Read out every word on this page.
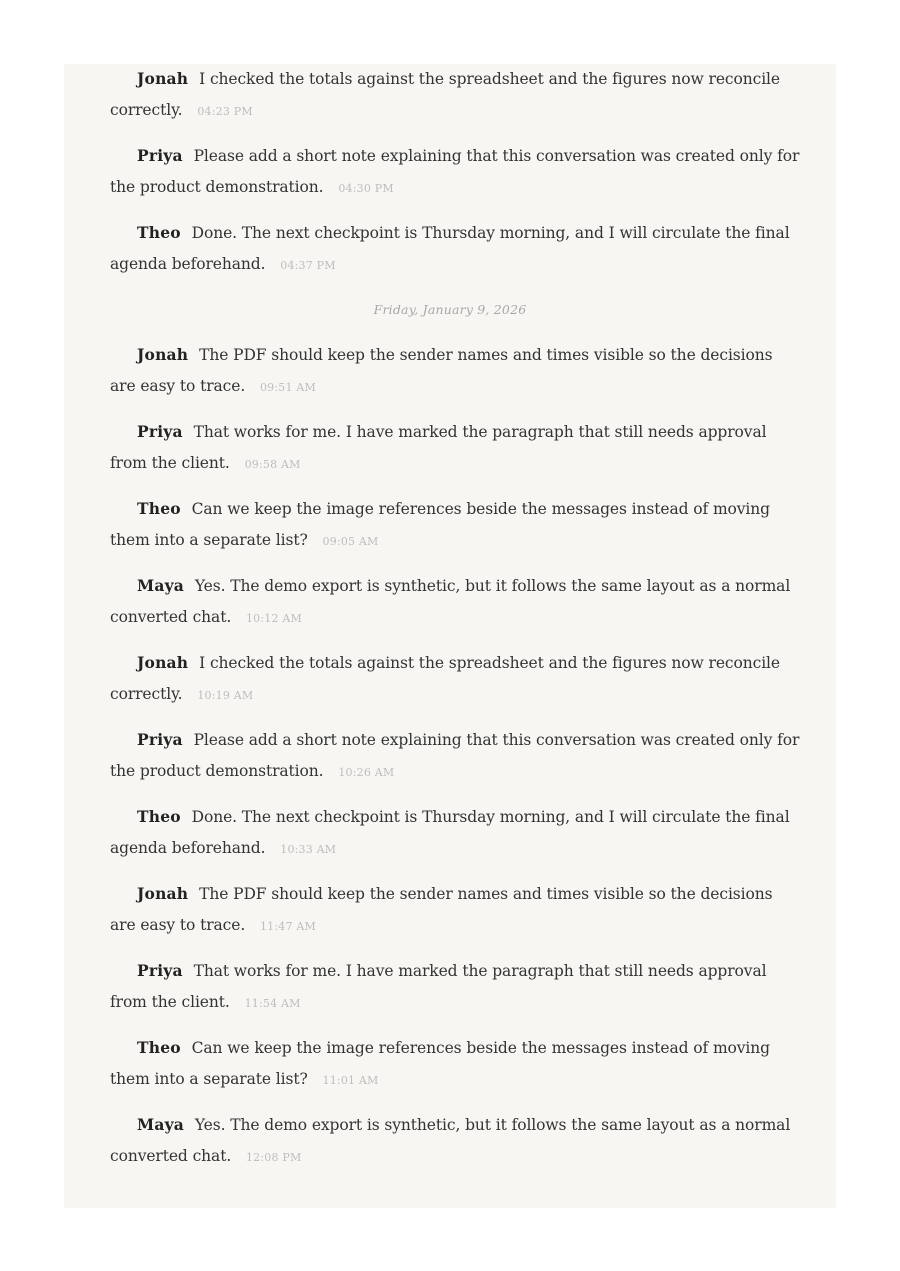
Jonah I checked the totals against the spreadsheet and the figures now reconcile correctly. 04:23 PM
Priya Please add a short note explaining that this conversation was created only for the product demonstration. 04:30 PM
Theo Done. The next checkpoint is Thursday morning, and I will circulate the final agenda beforehand. 04:37 PM
Friday, January 9, 2026
Jonah The PDF should keep the sender names and times visible so the decisions are easy to trace. 09:51 AM
Priya That works for me. I have marked the paragraph that still needs approval from the client. 09:58 AM
Theo Can we keep the image references beside the messages instead of moving them into a separate list? 09:05 AM
Maya Yes. The demo export is synthetic, but it follows the same layout as a normal converted chat. 10:12 AM
Jonah I checked the totals against the spreadsheet and the figures now reconcile correctly. 10:19 AM
Priya Please add a short note explaining that this conversation was created only for the product demonstration. 10:26 AM
Theo Done. The next checkpoint is Thursday morning, and I will circulate the final agenda beforehand. 10:33 AM
Jonah The PDF should keep the sender names and times visible so the decisions are easy to trace. 11:47 AM
Priya That works for me. I have marked the paragraph that still needs approval from the client. 11:54 AM
Theo Can we keep the image references beside the messages instead of moving them into a separate list? 11:01 AM
Maya Yes. The demo export is synthetic, but it follows the same layout as a normal converted chat. 12:08 PM
